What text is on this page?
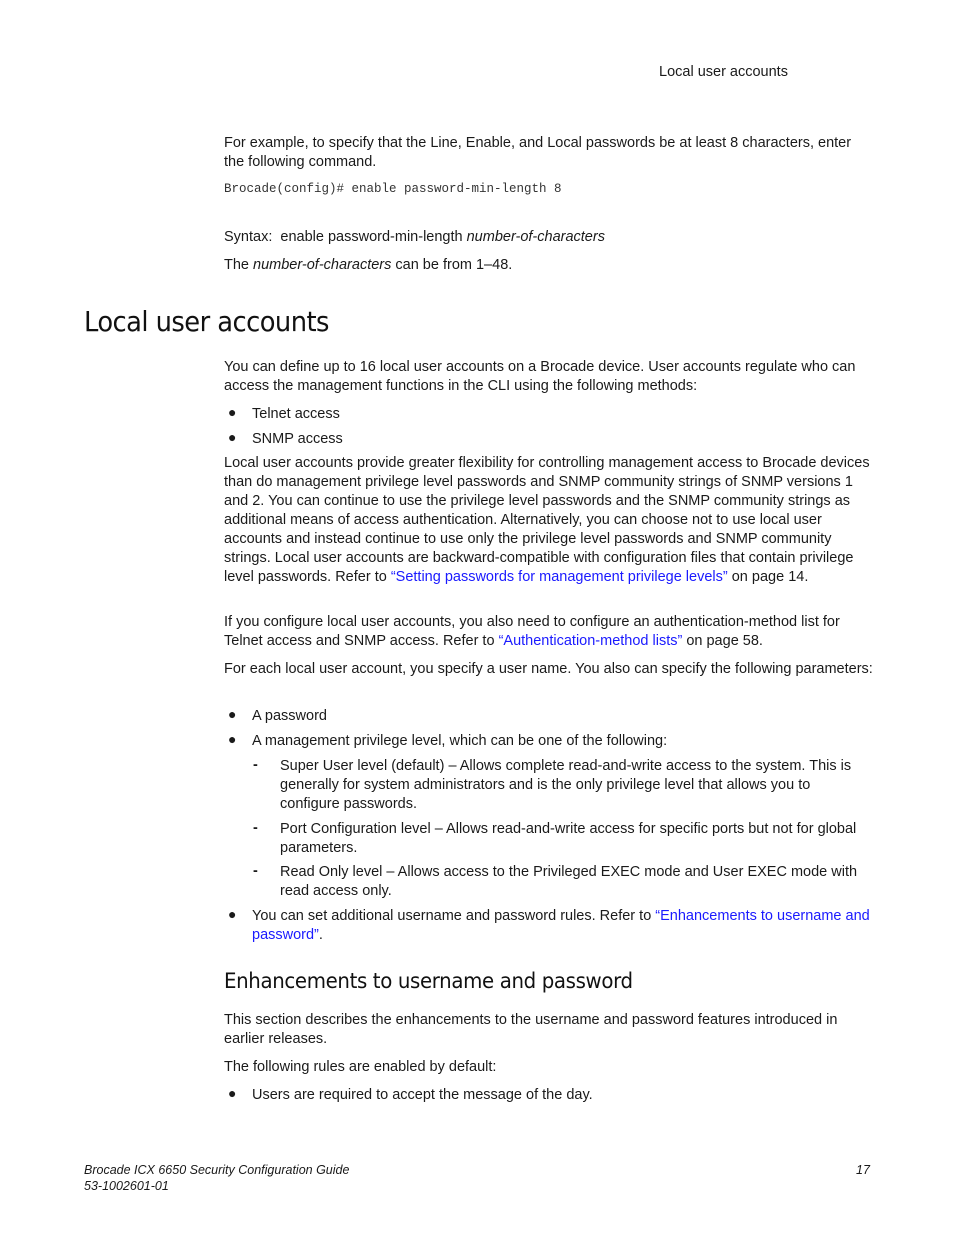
Local user accounts
For example, to specify that the Line, Enable, and Local passwords be at least 8 characters, enter the following command.
Brocade(config)# enable password-min-length 8
Syntax: enable password-min-length number-of-characters
The number-of-characters can be from 1–48.
Local user accounts
You can define up to 16 local user accounts on a Brocade device. User accounts regulate who can access the management functions in the CLI using the following methods:
● Telnet access
● SNMP access
Local user accounts provide greater flexibility for controlling management access to Brocade devices than do management privilege level passwords and SNMP community strings of SNMP versions 1 and 2. You can continue to use the privilege level passwords and the SNMP community strings as additional means of access authentication. Alternatively, you can choose not to use local user accounts and instead continue to use only the privilege level passwords and SNMP community strings. Local user accounts are backward-compatible with configuration files that contain privilege level passwords. Refer to “Setting passwords for management privilege levels” on page 14.
If you configure local user accounts, you also need to configure an authentication-method list for Telnet access and SNMP access. Refer to “Authentication-method lists” on page 58.
For each local user account, you specify a user name. You also can specify the following parameters:
● A password
● A management privilege level, which can be one of the following:
- Super User level (default) – Allows complete read-and-write access to the system. This is generally for system administrators and is the only privilege level that allows you to configure passwords.
- Port Configuration level – Allows read-and-write access for specific ports but not for global parameters.
- Read Only level – Allows access to the Privileged EXEC mode and User EXEC mode with read access only.
● You can set additional username and password rules. Refer to “Enhancements to username and password”.
Enhancements to username and password
This section describes the enhancements to the username and password features introduced in earlier releases.
The following rules are enabled by default:
● Users are required to accept the message of the day.
Brocade ICX 6650 Security Configuration Guide
53-1002601-01
17
